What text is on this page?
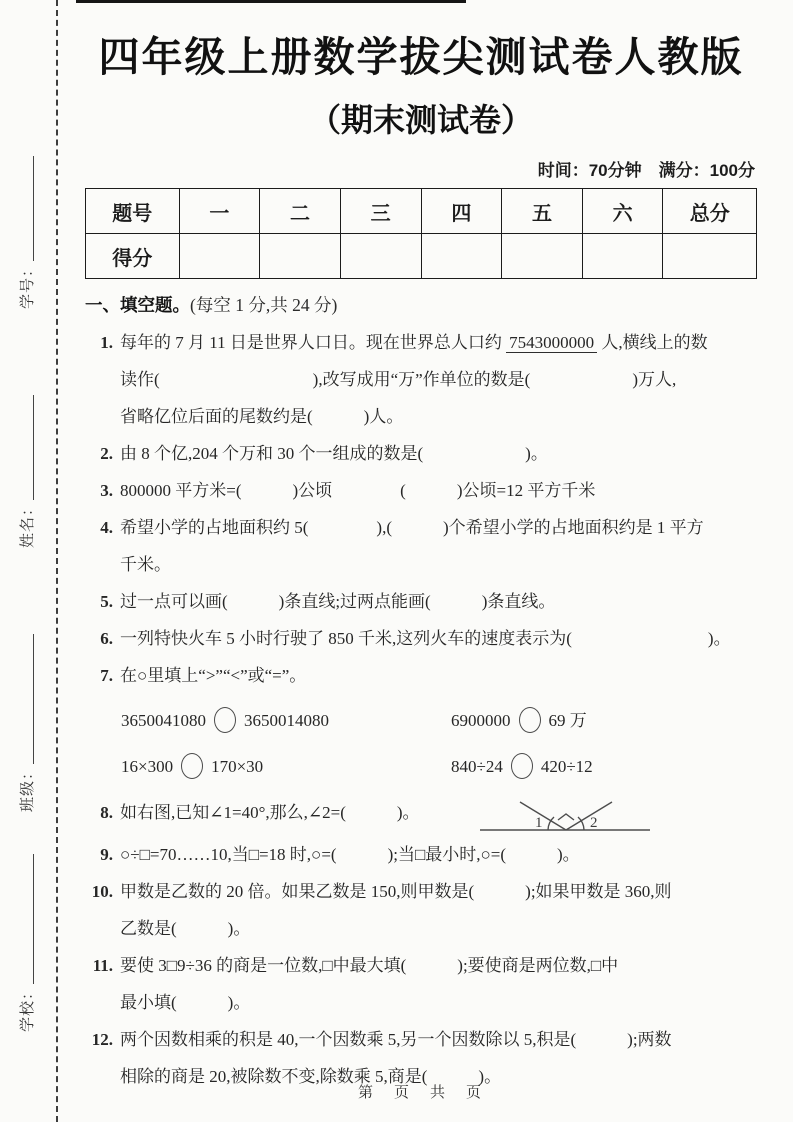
学校：班级：姓名：学号：
四年级上册数学拔尖测试卷人教版
（期末测试卷）
时间：70分钟　满分：100分
题号	一	二	三	四	五	六	总分
得分							
一、填空题。(每空 1 分,共 24 分)
1. 每年的 7 月 11 日是世界人口日。现在世界总人口约 7543000000 人,横线上的数
读作(　　　　　　　　　),改写成用“万”作单位的数是(　　　　　　)万人,
省略亿位后面的尾数约是(　　　)人。
2. 由 8 个亿,204 个万和 30 个一组成的数是(　　　　　　)。
3. 800000 平方米=(　　　)公顷　　　　(　　　)公顷=12 平方千米
4. 希望小学的占地面积约 5(　　　　),(　　　)个希望小学的占地面积约是 1 平方
千米。
5. 过一点可以画(　　　)条直线;过两点能画(　　　)条直线。
6. 一列特快火车 5 小时行驶了 850 千米,这列火车的速度表示为(　　　　　　　　)。
7. 在○里填上“>”“<”或“=”。
3650041080 3650014080	6900000 69 万
16×300 170×30	840÷24 420÷12
8. 如右图,已知∠1=40°,那么,∠2=(　　　)。
1	2
9. ○÷□=70……10,当□=18 时,○=(　　　);当□最小时,○=(　　　)。
10. 甲数是乙数的 20 倍。如果乙数是 150,则甲数是(　　　);如果甲数是 360,则
乙数是(　　　)。
11. 要使 3□9÷36 的商是一位数,□中最大填(　　　);要使商是两位数,□中
最小填(　　　)。
12. 两个因数相乘的积是 40,一个因数乘 5,另一个因数除以 5,积是(　　　);两数
相除的商是 20,被除数不变,除数乘 5,商是(　　　)。
第　页　共　页
